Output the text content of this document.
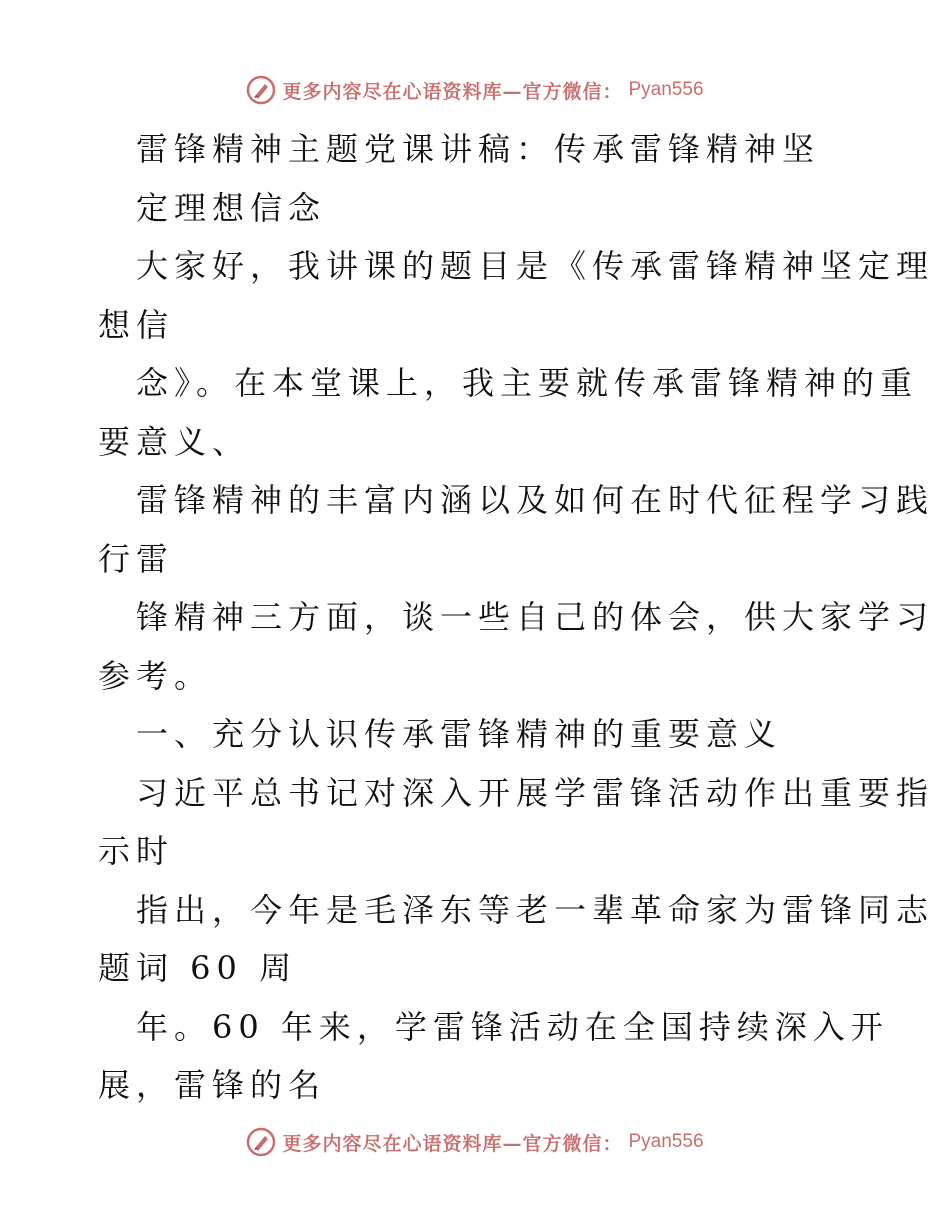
更多内容尽在心语资料库—官方微信： Pyan556
雷锋精神主题党课讲稿：传承雷锋精神坚
定理想信念
大家好，我讲课的题目是《传承雷锋精神坚定理
想信
念》。在本堂课上，我主要就传承雷锋精神的重
要意义、
雷锋精神的丰富内涵以及如何在时代征程学习践
行雷
锋精神三方面，谈一些自己的体会，供大家学习
参考。
一、充分认识传承雷锋精神的重要意义
习近平总书记对深入开展学雷锋活动作出重要指
示时
指出，今年是毛泽东等老一辈革命家为雷锋同志
题词 60 周
年。60 年来，学雷锋活动在全国持续深入开
展，雷锋的名
更多内容尽在心语资料库—官方微信： Pyan556
